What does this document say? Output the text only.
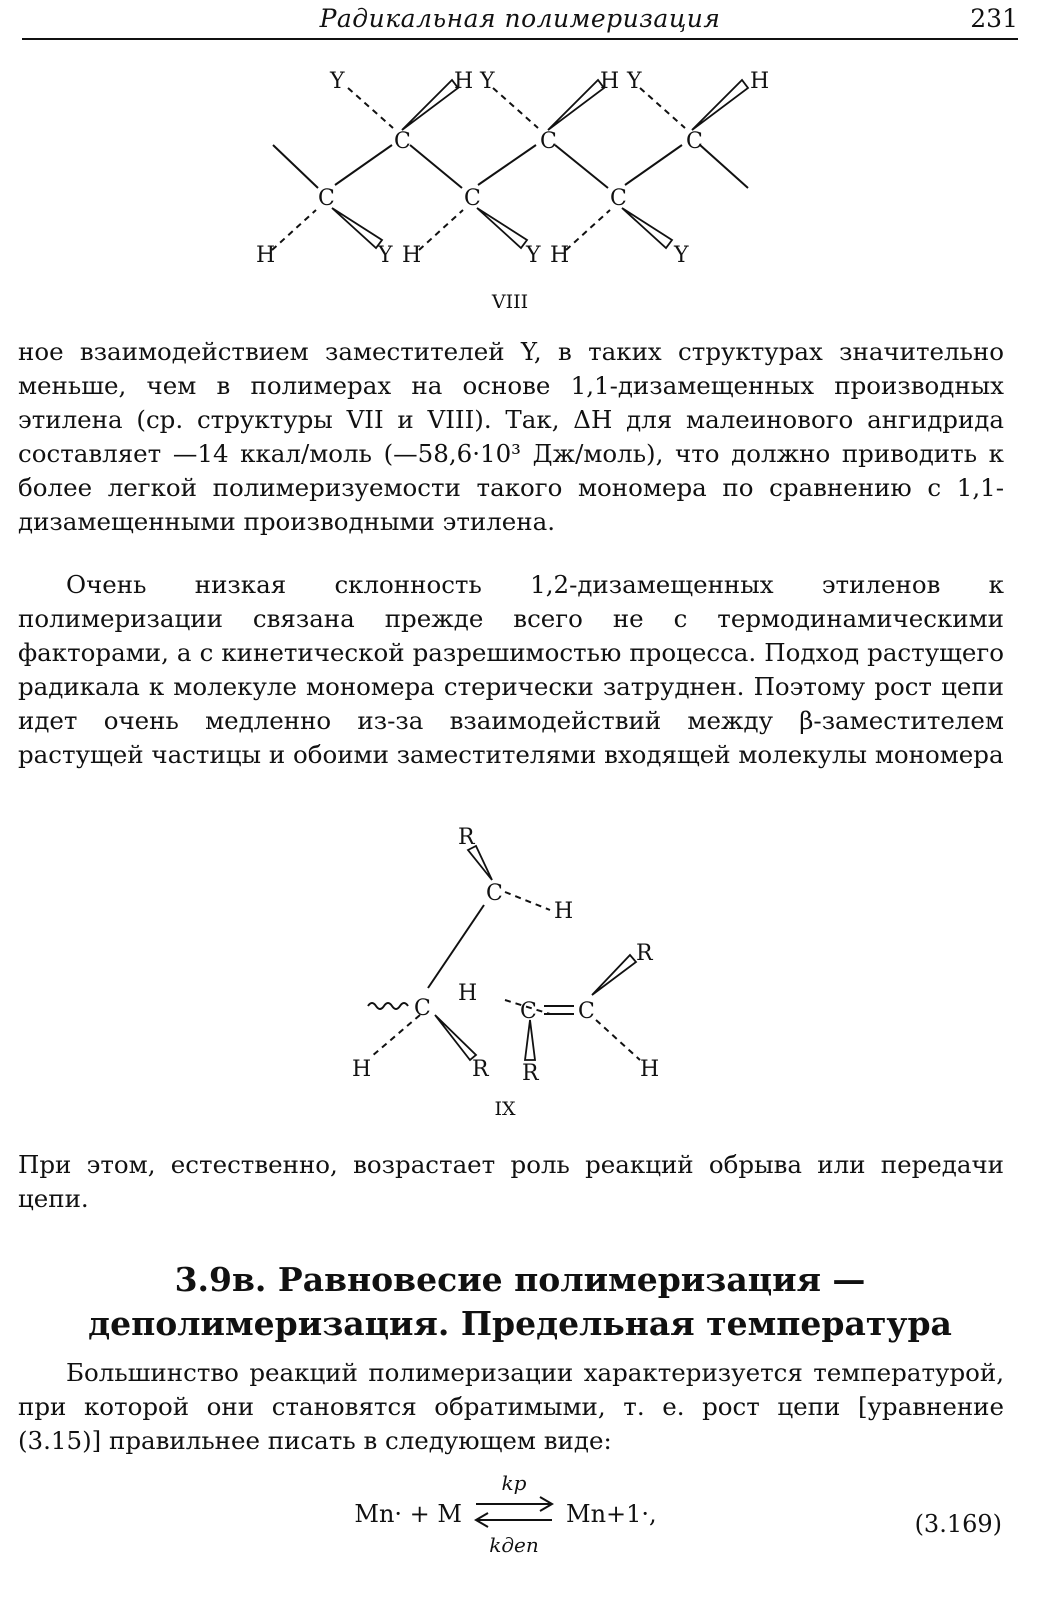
Радикальная полимеризация	231
Y	H Y	H Y	H
C	C	C
C	C	C
H	Y H	Y H	Y
VIII

ное взаимодействием заместителей Y, в таких структурах значительно меньше, чем в полимерах на основе 1,1-дизамещенных производных этилена (ср. структуры VII и VIII). Так, ΔH для малеинового ангидрида составляет —14 ккал/моль (—58,6·10³ Дж/моль), что должно приводить к более легкой полимеризуемости такого мономера по сравнению с 1,1-дизамещенными производными этилена.

Очень низкая склонность 1,2-дизамещенных этиленов к полимеризации связана прежде всего не с термодинамическими факторами, а с кинетической разрешимостью процесса. Подход растущего радикала к молекуле мономера стерически затруднен. Поэтому рост цепи идет очень медленно из-за взаимодействий между β-заместителем растущей частицы и обоими заместителями входящей молекулы мономера

R
C
H
R
C
H
C C
H	R R	H
IX

При этом, естественно, возрастает роль реакций обрыва или передачи цепи.

3.9в. Равновесие полимеризация —
деполимеризация. Предельная температура

Большинство реакций полимеризации характеризуется температурой, при которой они становятся обратимыми, т. е. рост цепи [уравнение (3.15)] правильнее писать в следующем виде:

Mn· + M
kp
kдеп
Mn+1·,	(3.169)
